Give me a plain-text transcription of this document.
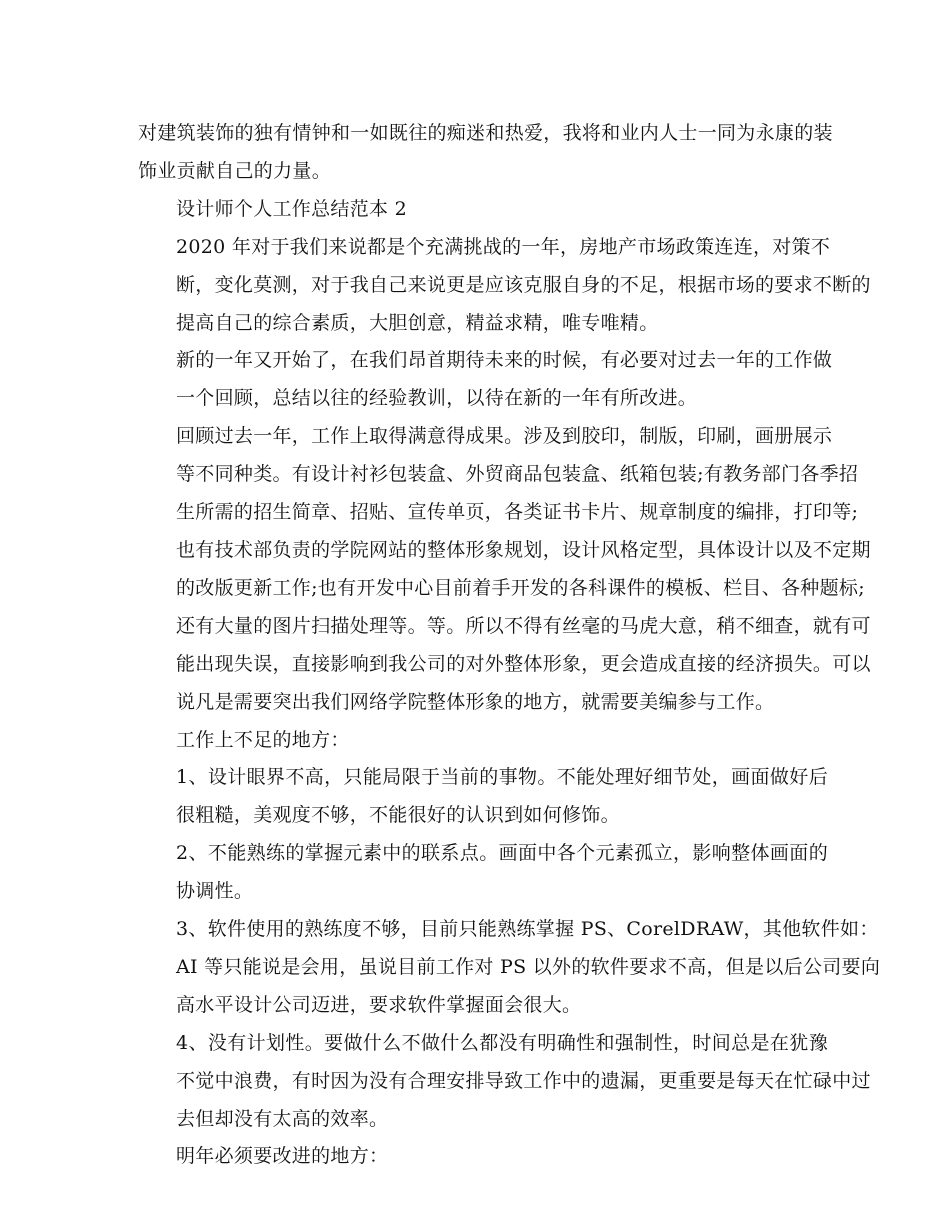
对建筑装饰的独有情钟和一如既往的痴迷和热爱，我将和业内人士一同为永康的装
饰业贡献自己的力量。

设计师个人工作总结范本 2

2020 年对于我们来说都是个充满挑战的一年，房地产市场政策连连，对策不
断，变化莫测，对于我自己来说更是应该克服自身的不足，根据市场的要求不断的
提高自己的综合素质，大胆创意，精益求精，唯专唯精。

新的一年又开始了，在我们昂首期待未来的时候，有必要对过去一年的工作做
一个回顾，总结以往的经验教训，以待在新的一年有所改进。

回顾过去一年，工作上取得满意得成果。涉及到胶印，制版，印刷，画册展示
等不同种类。有设计衬衫包装盒、外贸商品包装盒、纸箱包装;有教务部门各季招
生所需的招生简章、招贴、宣传单页，各类证书卡片、规章制度的编排，打印等;
也有技术部负责的学院网站的整体形象规划，设计风格定型，具体设计以及不定期
的改版更新工作;也有开发中心目前着手开发的各科课件的模板、栏目、各种题标;
还有大量的图片扫描处理等。等。所以不得有丝毫的马虎大意，稍不细查，就有可
能出现失误，直接影响到我公司的对外整体形象，更会造成直接的经济损失。可以
说凡是需要突出我们网络学院整体形象的地方，就需要美编参与工作。

工作上不足的地方：

1、设计眼界不高，只能局限于当前的事物。不能处理好细节处，画面做好后
很粗糙，美观度不够，不能很好的认识到如何修饰。

2、不能熟练的掌握元素中的联系点。画面中各个元素孤立，影响整体画面的
协调性。

3、软件使用的熟练度不够，目前只能熟练掌握 PS、CorelDRAW，其他软件如：
AI 等只能说是会用，虽说目前工作对 PS 以外的软件要求不高，但是以后公司要向
高水平设计公司迈进，要求软件掌握面会很大。

4、没有计划性。要做什么不做什么都没有明确性和强制性，时间总是在犹豫
不觉中浪费，有时因为没有合理安排导致工作中的遗漏，更重要是每天在忙碌中过
去但却没有太高的效率。

明年必须要改进的地方：
